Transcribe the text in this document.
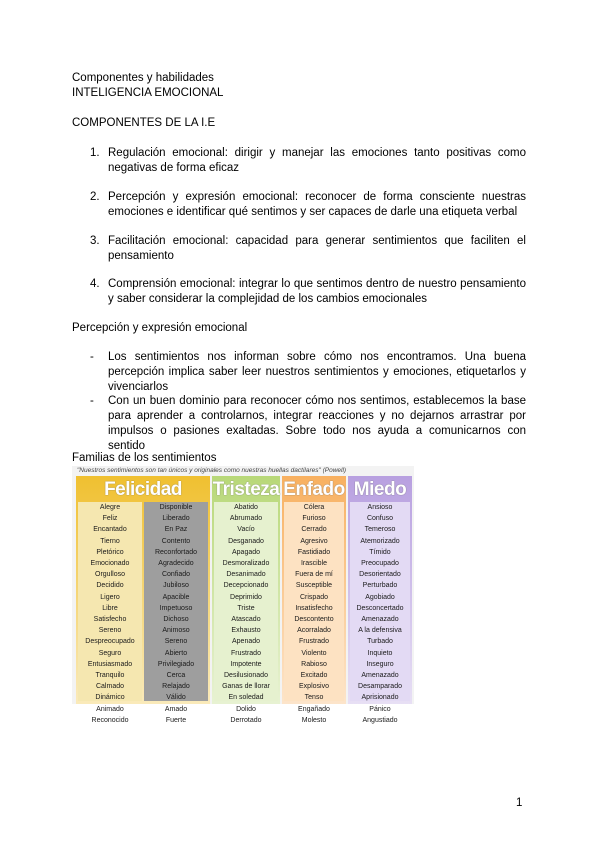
Componentes y habilidades
INTELIGENCIA EMOCIONAL
COMPONENTES DE LA I.E
1. Regulación emocional: dirigir y manejar las emociones tanto positivas como negativas de forma eficaz
2. Percepción y expresión emocional: reconocer de forma consciente nuestras emociones e identificar qué sentimos y ser capaces de darle una etiqueta verbal
3. Facilitación emocional: capacidad para generar sentimientos que faciliten el pensamiento
4. Comprensión emocional: integrar lo que sentimos dentro de nuestro pensamiento y saber considerar la complejidad de los cambios emocionales
Percepción y expresión emocional
- Los sentimientos nos informan sobre cómo nos encontramos. Una buena percepción implica saber leer nuestros sentimientos y emociones, etiquetarlos y vivenciarlos
- Con un buen dominio para reconocer cómo nos sentimos, establecemos la base para aprender a controlarnos, integrar reacciones y no dejarnos arrastrar por impulsos o pasiones exaltadas. Sobre todo nos ayuda a comunicarnos con sentido
Familias de los sentimientos
"Nuestros sentimientos son tan únicos y originales como nuestras huellas dactilares" (Powell)
Felicidad
Alegre
Feliz
Encantado
Tierno
Pletórico
Emocionado
Orgulloso
Decidido
Ligero
Libre
Satisfecho
Sereno
Despreocupado
Seguro
Entusiasmado
Tranquilo
Calmado
Dinámico
Animado
Reconocido
Disponible
Liberado
En Paz
Contento
Reconfortado
Agradecido
Confiado
Jubiloso
Apacible
Impetuoso
Dichoso
Animoso
Sereno
Abierto
Privilegiado
Cerca
Relajado
Válido
Amado
Fuerte
Tristeza
Abatido
Abrumado
Vacío
Desganado
Apagado
Desmoralizado
Desanimado
Decepcionado
Deprimido
Triste
Atascado
Exhausto
Apenado
Frustrado
Impotente
Desilusionado
Ganas de llorar
En soledad
Dolido
Derrotado
Enfado
Cólera
Furioso
Cerrado
Agresivo
Fastidiado
Irascible
Fuera de mí
Susceptible
Crispado
Insatisfecho
Descontento
Acorralado
Frustrado
Violento
Rabioso
Excitado
Explosivo
Tenso
Engañado
Molesto
Miedo
Ansioso
Confuso
Temeroso
Atemorizado
Tímido
Preocupado
Desorientado
Perturbado
Agobiado
Desconcertado
Amenazado
A la defensiva
Turbado
Inquieto
Inseguro
Amenazado
Desamparado
Aprisionado
Pánico
Angustiado
1
